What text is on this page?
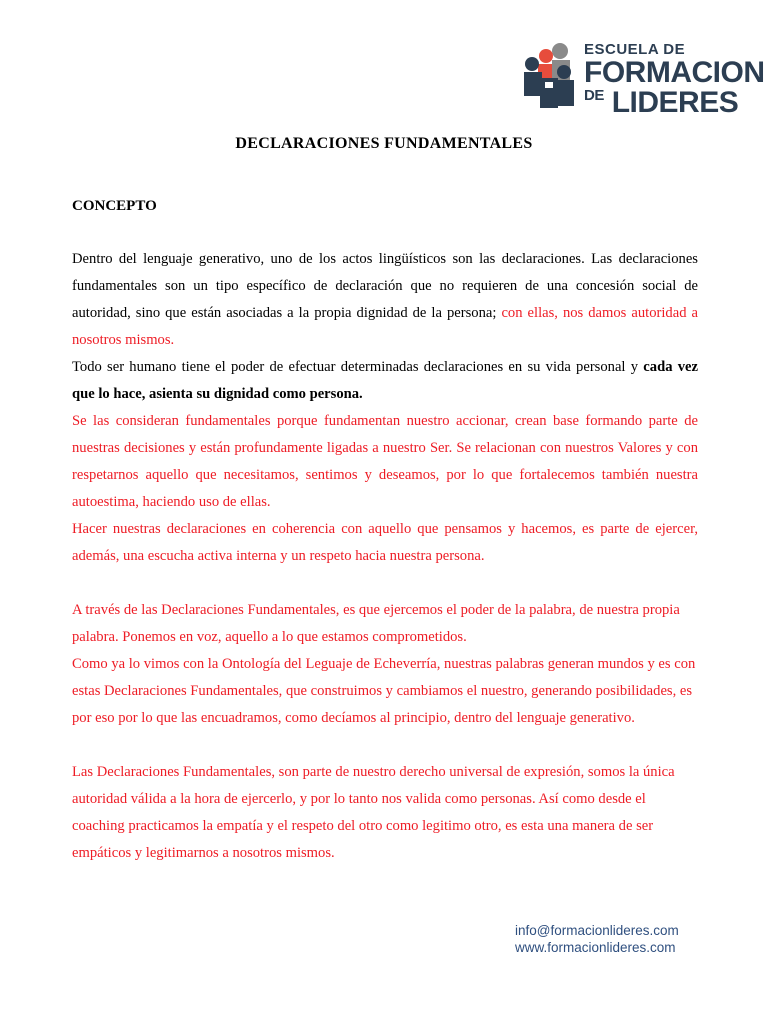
ESCUELA DE
FORMACION
$^{DE}$ LIDERES
DECLARACIONES FUNDAMENTALES
CONCEPTO

Dentro del lenguaje generativo, uno de los actos lingüísticos son las declaraciones. Las declaraciones fundamentales son un tipo específico de declaración que no requieren de una concesión social de autoridad, sino que están asociadas a la propia dignidad de la persona; con ellas, nos damos autoridad a nosotros mismos.

Todo ser humano tiene el poder de efectuar determinadas declaraciones en su vida personal y cada vez que lo hace, asienta su dignidad como persona.

Se las consideran fundamentales porque fundamentan nuestro accionar, crean base formando parte de nuestras decisiones y están profundamente ligadas a nuestro Ser. Se relacionan con nuestros Valores y con respetarnos aquello que necesitamos, sentimos y deseamos, por lo que fortalecemos también nuestra autoestima, haciendo uso de ellas.

Hacer nuestras declaraciones en coherencia con aquello que pensamos y hacemos, es parte de ejercer, además, una escucha activa interna y un respeto hacia nuestra persona.

A través de las Declaraciones Fundamentales, es que ejercemos el poder de la palabra, de nuestra propia palabra. Ponemos en voz, aquello a lo que estamos comprometidos.

Como ya lo vimos con la Ontología del Leguaje de Echeverría, nuestras palabras generan mundos y es con estas Declaraciones Fundamentales, que construimos y cambiamos el nuestro, generando posibilidades, es por eso por lo que las encuadramos, como decíamos al principio, dentro del lenguaje generativo.

Las Declaraciones Fundamentales, son parte de nuestro derecho universal de expresión, somos la única autoridad válida a la hora de ejercerlo, y por lo tanto nos valida como personas. Así como desde el coaching practicamos la empatía y el respeto del otro como legitimo otro, es esta una manera de ser empáticos y legitimarnos a nosotros mismos.

info@formacionlideres.com
www.formacionlideres.com
